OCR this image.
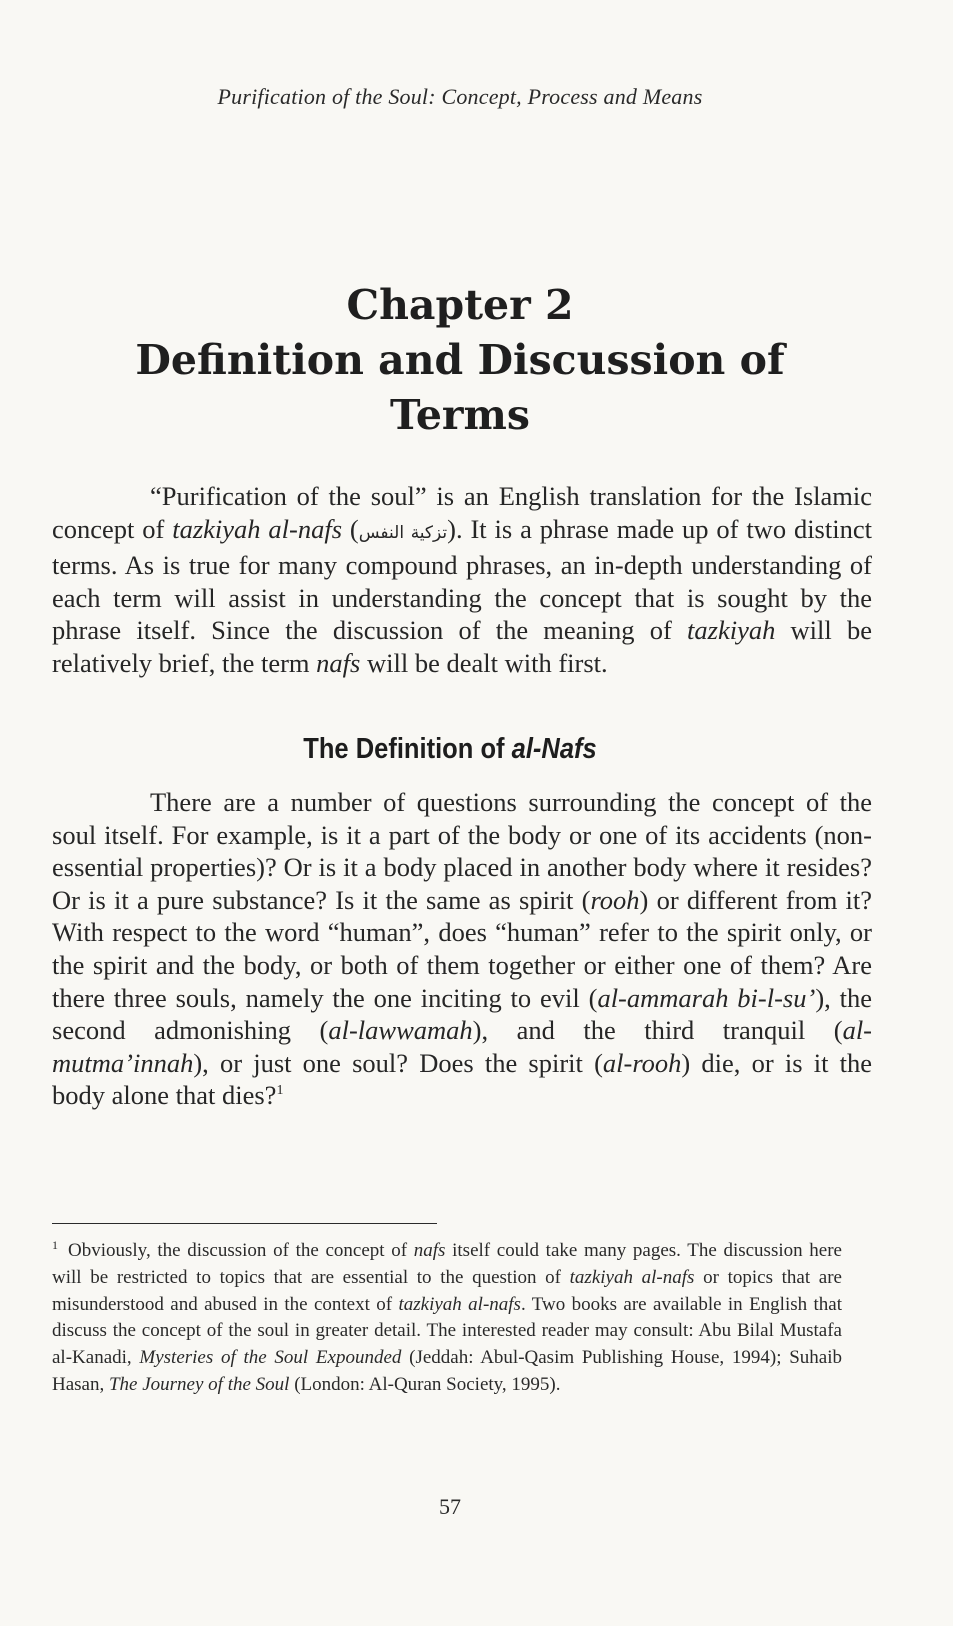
Purification of the Soul: Concept, Process and Means
Chapter 2
Definition and Discussion of
Terms

“Purification of the soul” is an English translation for the Islamic concept of tazkiyah al-nafs (تزكية النفس). It is a phrase made up of two distinct terms. As is true for many compound phrases, an in-depth understanding of each term will assist in understanding the concept that is sought by the phrase itself. Since the discussion of the meaning of tazkiyah will be relatively brief, the term nafs will be dealt with first.

The Definition of al-Nafs

There are a number of questions surrounding the concept of the soul itself. For example, is it a part of the body or one of its accidents (non-essential properties)? Or is it a body placed in another body where it resides? Or is it a pure substance? Is it the same as spirit (rooh) or different from it? With respect to the word “human”, does “human” refer to the spirit only, or the spirit and the body, or both of them together or either one of them? Are there three souls, namely the one inciting to evil (al-ammarah bi-l-su’), the second admonishing (al-lawwamah), and the third tranquil (al-mutma’innah), or just one soul? Does the spirit (al-rooh) die, or is it the body alone that dies?$^1$

$^1$ Obviously, the discussion of the concept of nafs itself could take many pages. The discussion here will be restricted to topics that are essential to the question of tazkiyah al-nafs or topics that are misunderstood and abused in the context of tazkiyah al-nafs. Two books are available in English that discuss the concept of the soul in greater detail. The interested reader may consult: Abu Bilal Mustafa al-Kanadi, Mysteries of the Soul Expounded (Jeddah: Abul-Qasim Publishing House, 1994); Suhaib Hasan, The Journey of the Soul (London: Al-Quran Society, 1995).

57
